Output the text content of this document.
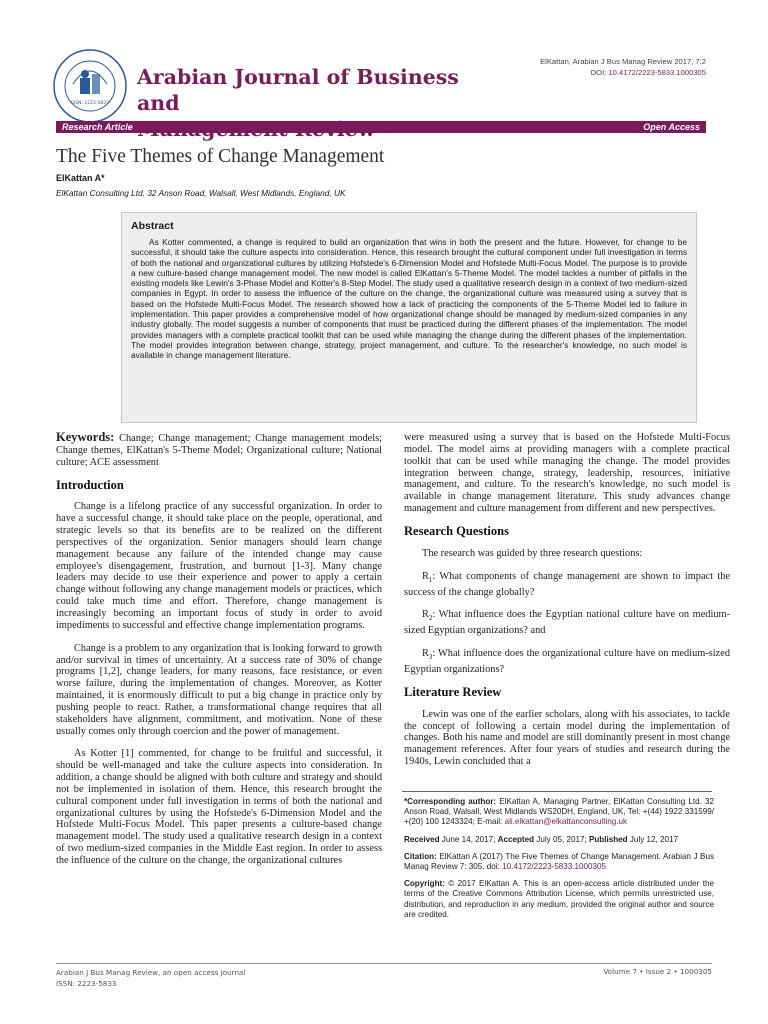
ISSN: 2223-5833
Arabian Journal of Business and
ElKattan, Arabian J Bus Manag Review 2017, 7:2
DOI: 10.4172/2223-5833.1000305
Research Article	Open Access
The Five Themes of Change Management
ElKattan A*
ElKattan Consulting Ltd. 32 Anson Road, Walsall, West Midlands, England, UK
Abstract

As Kotter commented, a change is required to build an organization that wins in both the present and the future. However, for change to be successful, it should take the culture aspects into consideration. Hence, this research brought the cultural component under full investigation in terms of both the national and organizational cultures by utilizing Hofstede's 6-Dimension Model and Hofstede Multi-Focus Model. The purpose is to provide a new culture-based change management model. The new model is called ElKattan's 5-Theme Model. The model tackles a number of pitfalls in the existing models like Lewin's 3-Phase Model and Kotter's 8-Step Model. The study used a qualitative research design in a context of two medium-sized companies in Egypt. In order to assess the influence of the culture on the change, the organizational culture was measured using a survey that is based on the Hofstede Multi-Focus Model. The research showed how a lack of practicing the components of the 5-Theme Model led to failure in implementation. This paper provides a comprehensive model of how organizational change should be managed by medium-sized companies in any industry globally. The model suggests a number of components that must be practiced during the different phases of the implementation. The model provides managers with a complete practical toolkit that can be used while managing the change during the different phases of the implementation. The model provides integration between change, strategy, project management, and culture. To the researcher's knowledge, no such model is available in change management literature.

Keywords: Change; Change management; Change management models; Change themes, ElKattan's 5-Theme Model; Organizational culture; National culture; ACE assessment

Introduction

Change is a lifelong practice of any successful organization. In order to have a successful change, it should take place on the people, operational, and strategic levels so that its benefits are to be realized on the different perspectives of the organization. Senior managers should learn change management because any failure of the intended change may cause employee's disengagement, frustration, and burnout [1-3]. Many change leaders may decide to use their experience and power to apply a certain change without following any change management models or practices, which could take much time and effort. Therefore, change management is increasingly becoming an important focus of study in order to avoid impediments to successful and effective change implementation programs.

Change is a problem to any organization that is looking forward to growth and/or survival in times of uncertainty. At a success rate of 30% of change programs [1,2], change leaders, for many reasons, face resistance, or even worse failure, during the implementation of changes. Moreover, as Kotter maintained, it is enormously difficult to put a big change in practice only by pushing people to react. Rather, a transformational change requires that all stakeholders have alignment, commitment, and motivation. None of these usually comes only through coercion and the power of management.

As Kotter [1] commented, for change to be fruitful and successful, it should be well-managed and take the culture aspects into consideration. In addition, a change should be aligned with both culture and strategy and should not be implemented in isolation of them. Hence, this research brought the cultural component under full investigation in terms of both the national and organizational cultures by using the Hofstede's 6-Dimension Model and the Hofstede Multi-Focus Model. This paper presents a culture-based change management model. The study used a qualitative research design in a context of two medium-sized companies in the Middle East region. In order to assess the influence of the culture on the change, the organizational cultures

were measured using a survey that is based on the Hofstede Multi-Focus model. The model aims at providing managers with a complete practical toolkit that can be used while managing the change. The model provides integration between change, strategy, leadership, resources, initiative management, and culture. To the research's knowledge, no such model is available in change management literature. This study advances change management and culture management from different and new perspectives.

Research Questions

The research was guided by three research questions:

$R_1$: What components of change management are shown to impact the success of the change globally?

$R_2$: What influence does the Egyptian national culture have on medium-sized Egyptian organizations? and

$R_3$: What influence does the organizational culture have on medium-sized Egyptian organizations?

Literature Review

Lewin was one of the earlier scholars, along with his associates, to tackle the concept of following a certain model during the implementation of changes. Both his name and model are still dominantly present in most change management references. After four years of studies and research during the 1940s, Lewin concluded that a

*Corresponding author: ElKattan A, Managing Partner, ElKattan Consulting Ltd. 32 Anson Road, Walsall, West Midlands WS20DH, England, UK, Tel: +(44) 1922 331599/ +(20) 100 1243324; E-mail: ali.elkattan@elkattanconsulting.uk

Received June 14, 2017; Accepted July 05, 2017; Published July 12, 2017

Citation: ElKattan A (2017) The Five Themes of Change Management. Arabian J Bus Manag Review 7: 305. doi: 10.4172/2223-5833.1000305

Copyright: © 2017 ElKattan A. This is an open-access article distributed under the terms of the Creative Commons Attribution License, which permits unrestricted use, distribution, and reproduction in any medium, provided the original author and source are credited.

Arabian J Bus Manag Review, an open access journal
ISSN: 2223-5833
Volume 7 • Issue 2 • 1000305
